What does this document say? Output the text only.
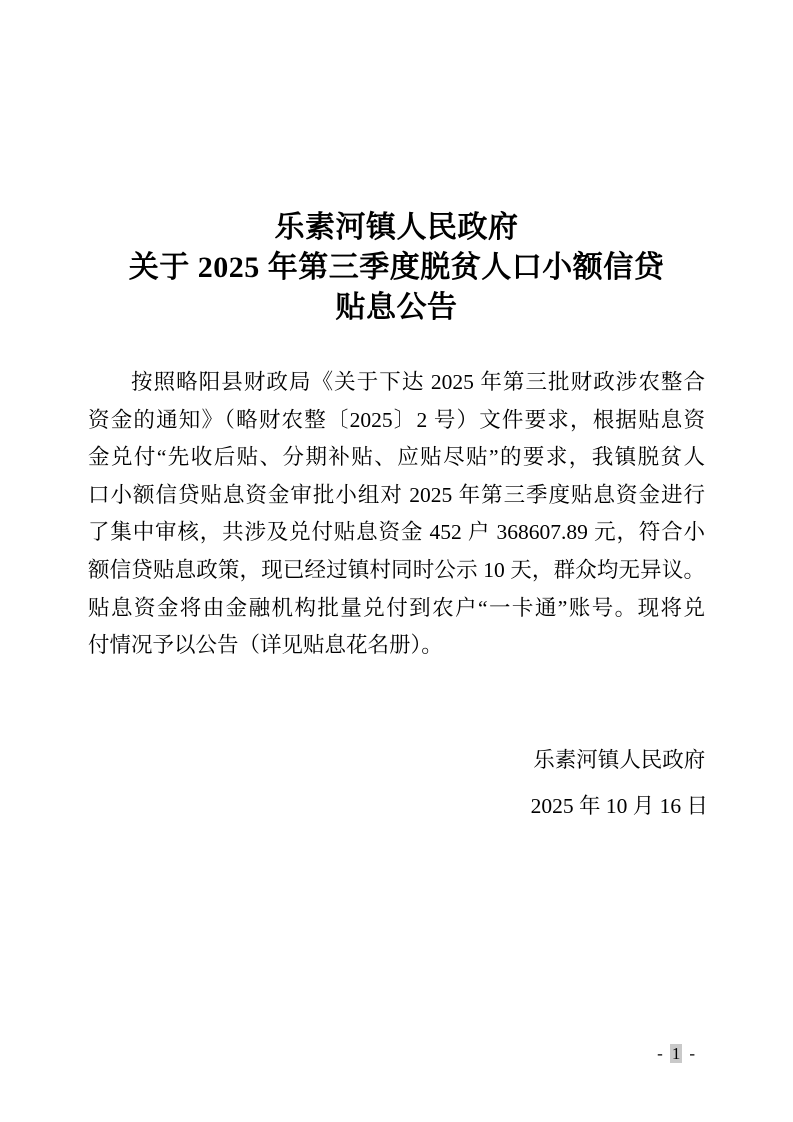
乐素河镇人民政府
关于 2025 年第三季度脱贫人口小额信贷
贴息公告
按照略阳县财政局《关于下达 2025 年第三批财政涉农整合
资金的通知》（略财农整〔2025〕2 号）文件要求，根据贴息资
金兑付“先收后贴、分期补贴、应贴尽贴”的要求，我镇脱贫人
口小额信贷贴息资金审批小组对 2025 年第三季度贴息资金进行
了集中审核，共涉及兑付贴息资金 452 户 368607.89 元，符合小
额信贷贴息政策，现已经过镇村同时公示 10 天，群众均无异议。
贴息资金将由金融机构批量兑付到农户“一卡通”账号。现将兑
付情况予以公告（详见贴息花名册）。
乐素河镇人民政府
2025 年 10 月 16 日
- 1 -
